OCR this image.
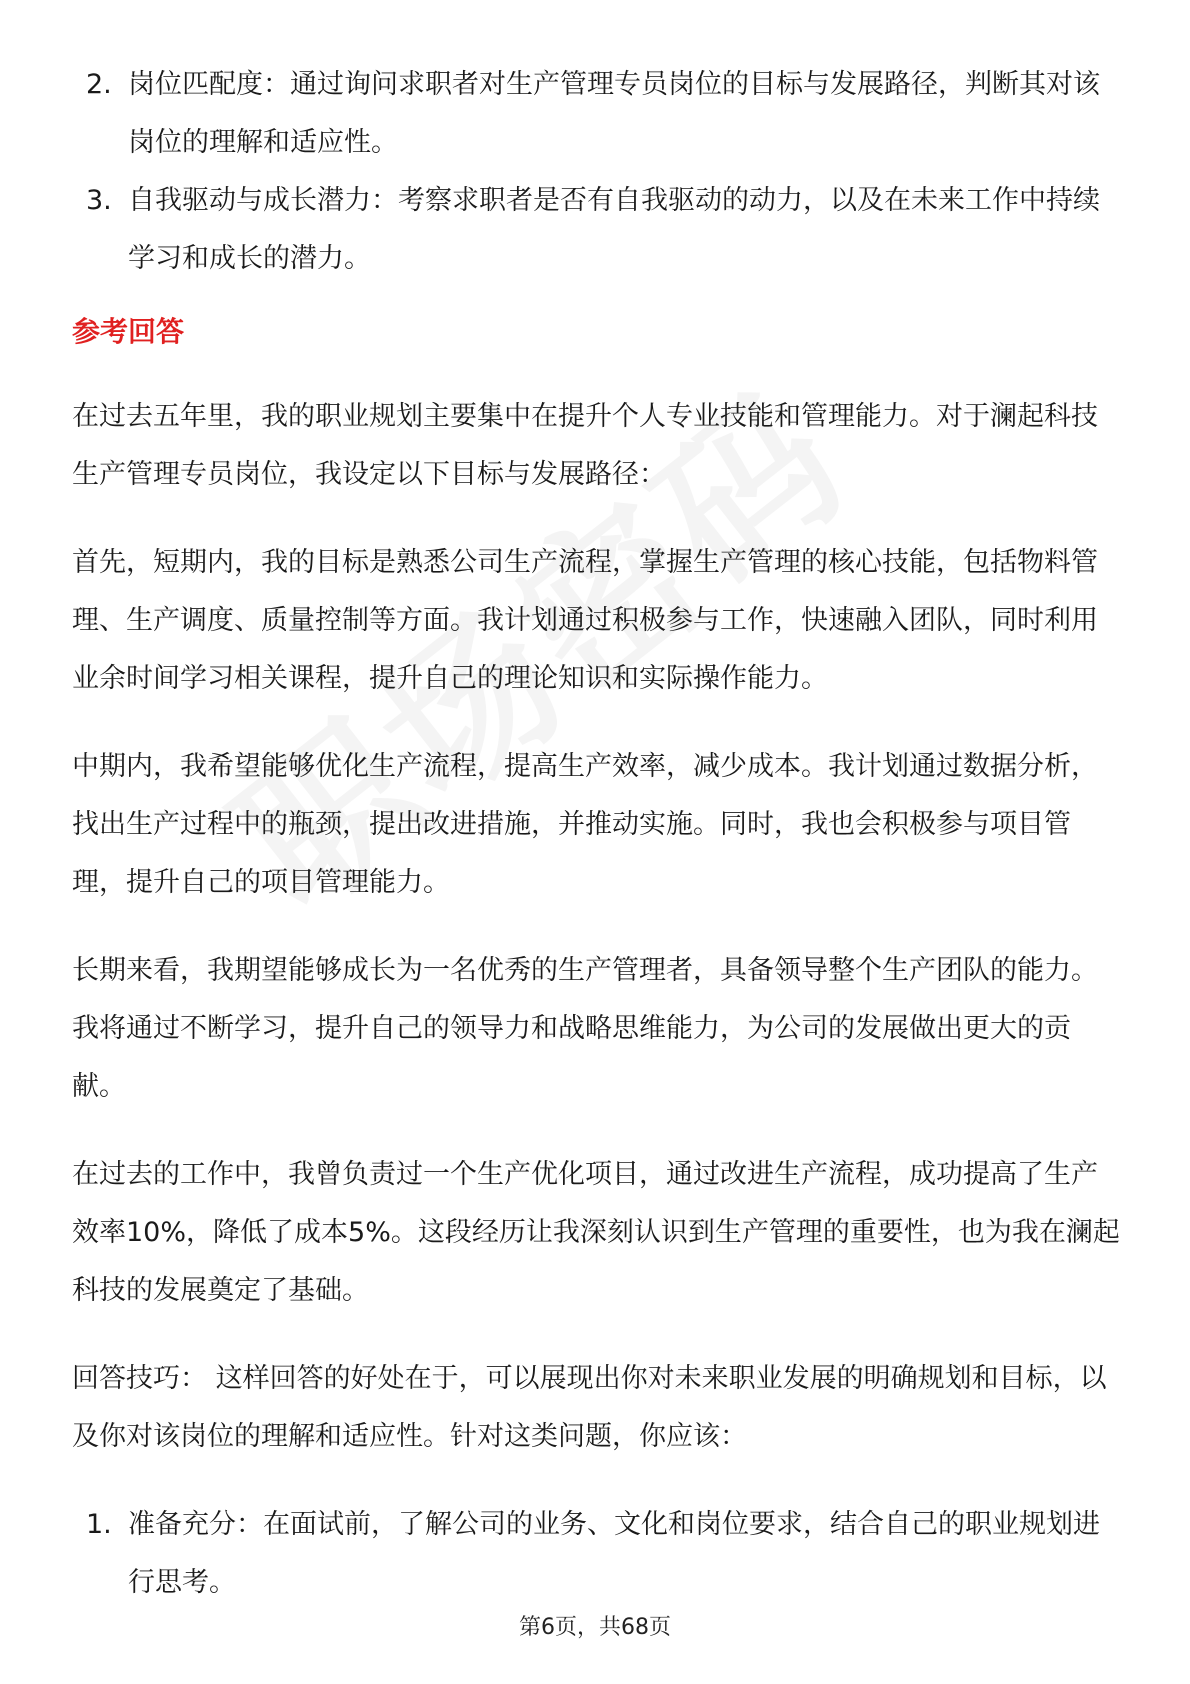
2. 岗位匹配度：通过询问求职者对生产管理专员岗位的目标与发展路径，判断其对该岗位的理解和适应性。
3. 自我驱动与成长潜力：考察求职者是否有自我驱动的动力，以及在未来工作中持续学习和成长的潜力。
参考回答

在过去五年里，我的职业规划主要集中在提升个人专业技能和管理能力。对于澜起科技生产管理专员岗位，我设定以下目标与发展路径：

首先，短期内，我的目标是熟悉公司生产流程，掌握生产管理的核心技能，包括物料管理、生产调度、质量控制等方面。我计划通过积极参与工作，快速融入团队，同时利用业余时间学习相关课程，提升自己的理论知识和实际操作能力。

中期内，我希望能够优化生产流程，提高生产效率，减少成本。我计划通过数据分析，找出生产过程中的瓶颈，提出改进措施，并推动实施。同时，我也会积极参与项目管理，提升自己的项目管理能力。

长期来看，我期望能够成长为一名优秀的生产管理者，具备领导整个生产团队的能力。我将通过不断学习，提升自己的领导力和战略思维能力，为公司的发展做出更大的贡献。

在过去的工作中，我曾负责过一个生产优化项目，通过改进生产流程，成功提高了生产效率10%，降低了成本5%。这段经历让我深刻认识到生产管理的重要性，也为我在澜起科技的发展奠定了基础。

回答技巧： 这样回答的好处在于，可以展现出你对未来职业发展的明确规划和目标，以及你对该岗位的理解和适应性。针对这类问题，你应该：

1. 准备充分：在面试前，了解公司的业务、文化和岗位要求，结合自己的职业规划进行思考。
第6页，共68页
